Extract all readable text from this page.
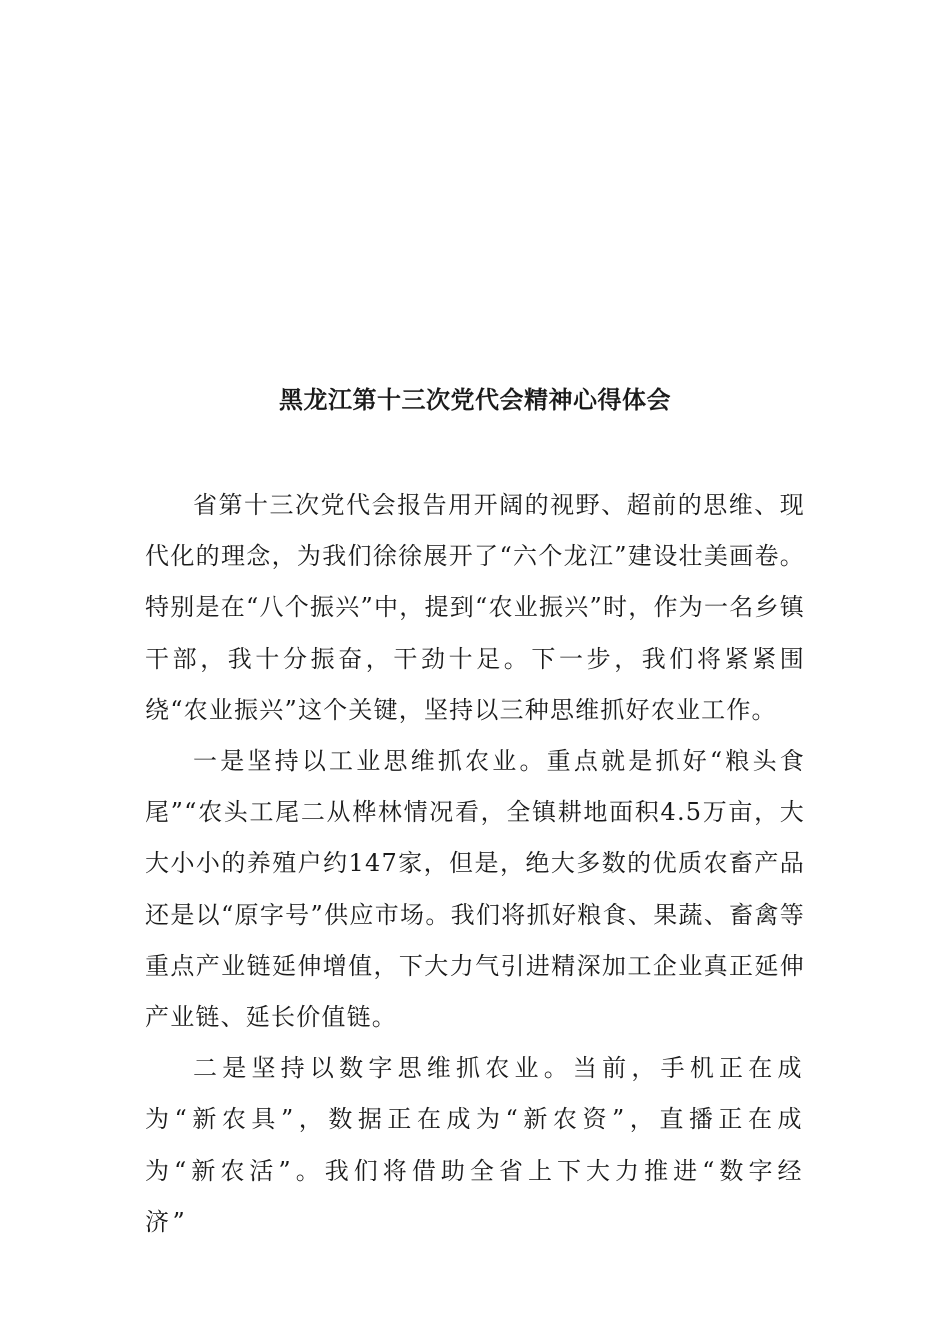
黑龙江第十三次党代会精神心得体会

省第十三次党代会报告用开阔的视野、超前的思维、现代化的理念，为我们徐徐展开了“六个龙江”建设壮美画卷。特别是在“八个振兴”中，提到“农业振兴”时，作为一名乡镇干部，我十分振奋，干劲十足。下一步，我们将紧紧围绕“农业振兴”这个关键，坚持以三种思维抓好农业工作。

一是坚持以工业思维抓农业。重点就是抓好“粮头食尾”“农头工尾二从桦林情况看，全镇耕地面积4.5万亩，大大小小的养殖户约147家，但是，绝大多数的优质农畜产品还是以“原字号”供应市场。我们将抓好粮食、果蔬、畜禽等重点产业链延伸增值，下大力气引进精深加工企业真正延伸产业链、延长价值链。

二是坚持以数字思维抓农业。当前，手机正在成为“新农具”，数据正在成为“新农资”，直播正在成为“新农活”。我们将借助全省上下大力推进“数字经济”
